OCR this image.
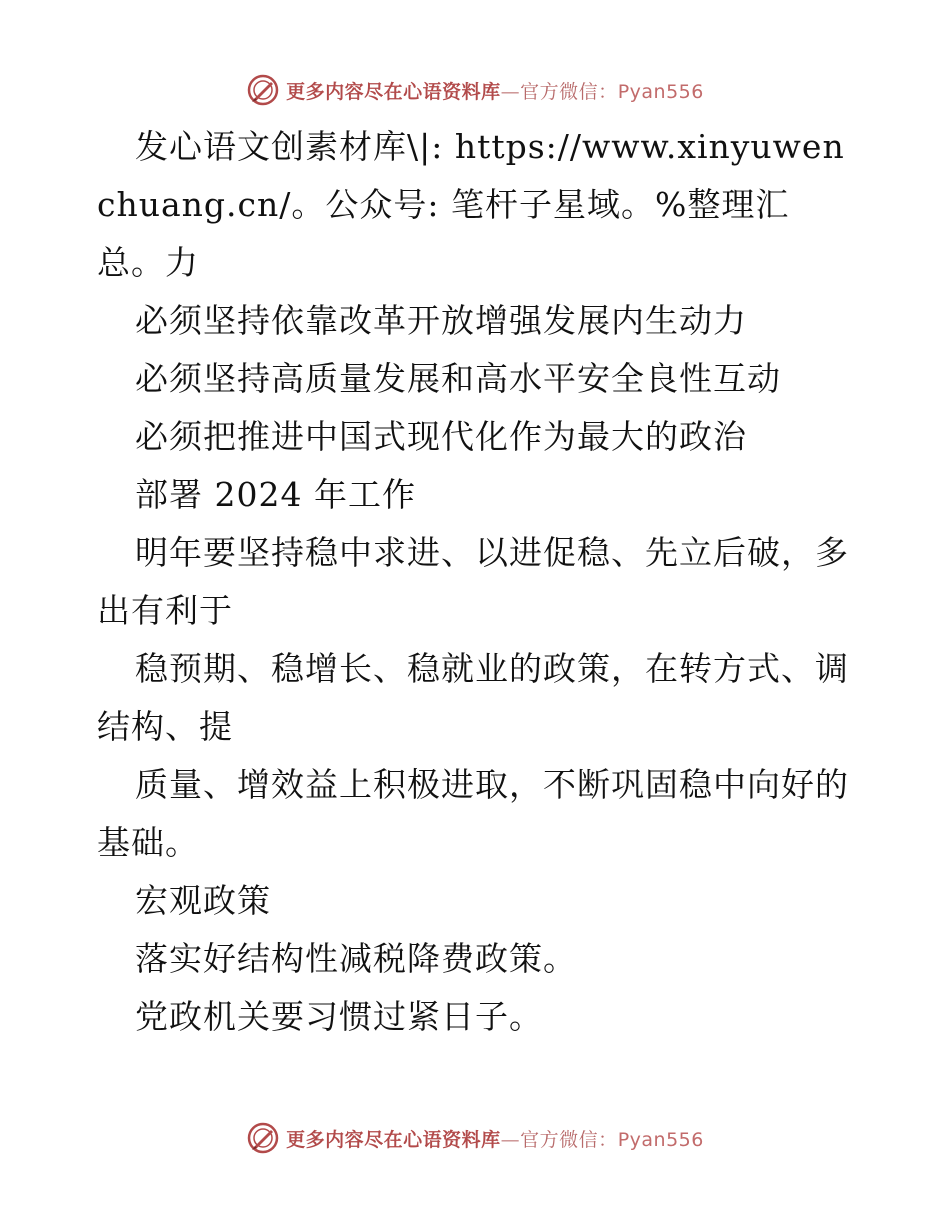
更多内容尽在心语资料库—官方微信：Pyan556

发心语文创素材库\|: https://www.xinyuwenchuang.cn/。公众号: 笔杆子星域。%整理汇总。力

必须坚持依靠改革开放增强发展内生动力

必须坚持高质量发展和高水平安全良性互动

必须把推进中国式现代化作为最大的政治

部署 2024 年工作

明年要坚持稳中求进、以进促稳、先立后破，多出有利于

稳预期、稳增长、稳就业的政策，在转方式、调结构、提

质量、增效益上积极进取，不断巩固稳中向好的基础。

宏观政策

落实好结构性减税降费政策。

党政机关要习惯过紧日子。

更多内容尽在心语资料库—官方微信：Pyan556
